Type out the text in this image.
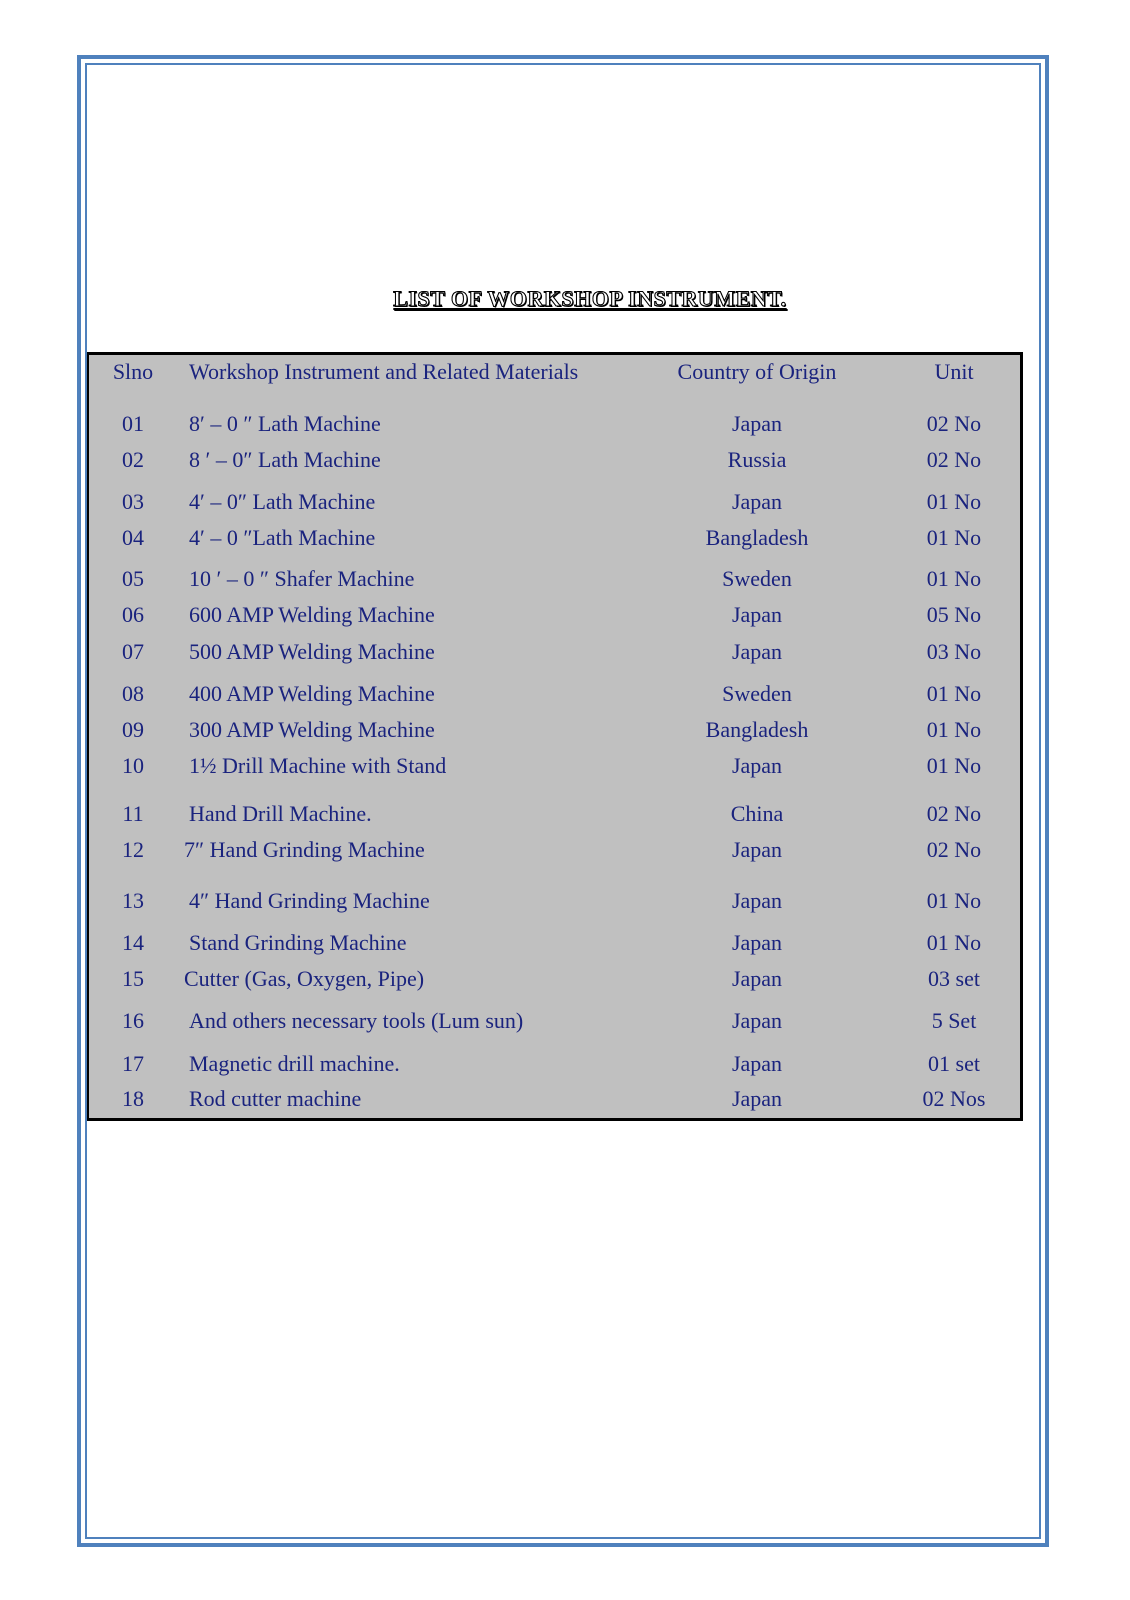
LIST OF WORKSHOP INSTRUMENT.
Slno	Workshop Instrument and Related Materials	Country of Origin	Unit
01	8′ – 0 ″ Lath Machine	Japan	02 No
02	8 ′ – 0″ Lath Machine	Russia	02 No
03	4′ – 0″ Lath Machine	Japan	01 No
04	4′ – 0 ″Lath Machine	Bangladesh	01 No
05	10 ′ – 0 ″ Shafer Machine	Sweden	01 No
06	600 AMP Welding Machine	Japan	05 No
07	500 AMP Welding Machine	Japan	03 No
08	400 AMP Welding Machine	Sweden	01 No
09	300 AMP Welding Machine	Bangladesh	01 No
10	1½ Drill Machine with Stand	Japan	01 No
11	Hand Drill Machine.	China	02 No
12	7″ Hand Grinding Machine	Japan	02 No
13	4″ Hand Grinding Machine	Japan	01 No
14	Stand Grinding Machine	Japan	01 No
15	Cutter (Gas, Oxygen, Pipe)	Japan	03 set
16	And others necessary tools (Lum sun)	Japan	5 Set
17	Magnetic drill machine.	Japan	01 set
18	Rod cutter machine	Japan	02 Nos
